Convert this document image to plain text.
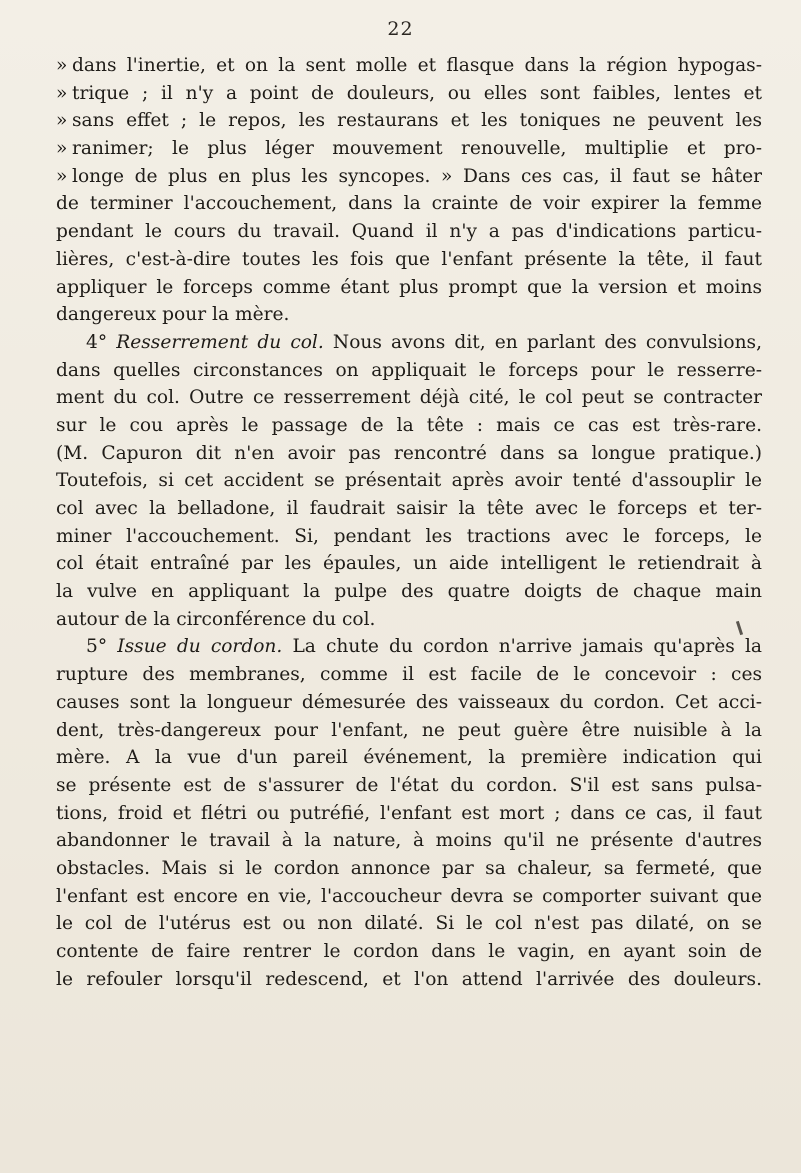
22
» dans l'inertie, et on la sent molle et flasque dans la région hypogas-
» trique ; il n'y a point de douleurs, ou elles sont faibles, lentes et
» sans effet ; le repos, les restaurans et les toniques ne peuvent les
» ranimer; le plus léger mouvement renouvelle, multiplie et pro-
» longe de plus en plus les syncopes. » Dans ces cas, il faut se hâter
de terminer l'accouchement, dans la crainte de voir expirer la femme
pendant le cours du travail. Quand il n'y a pas d'indications particu-
lières, c'est-à-dire toutes les fois que l'enfant présente la tête, il faut
appliquer le forceps comme étant plus prompt que la version et moins
dangereux pour la mère.
4° Resserrement du col. Nous avons dit, en parlant des convulsions,
dans quelles circonstances on appliquait le forceps pour le resserre-
ment du col. Outre ce resserrement déjà cité, le col peut se contracter
sur le cou après le passage de la tête : mais ce cas est très-rare.
(M. Capuron dit n'en avoir pas rencontré dans sa longue pratique.)
Toutefois, si cet accident se présentait après avoir tenté d'assouplir le
col avec la belladone, il faudrait saisir la tête avec le forceps et ter-
miner l'accouchement. Si, pendant les tractions avec le forceps, le
col était entraîné par les épaules, un aide intelligent le retiendrait à
la vulve en appliquant la pulpe des quatre doigts de chaque main
autour de la circonférence du col.
5° Issue du cordon. La chute du cordon n'arrive jamais qu'après la
rupture des membranes, comme il est facile de le concevoir : ces
causes sont la longueur démesurée des vaisseaux du cordon. Cet acci-
dent, très-dangereux pour l'enfant, ne peut guère être nuisible à la
mère. A la vue d'un pareil événement, la première indication qui
se présente est de s'assurer de l'état du cordon. S'il est sans pulsa-
tions, froid et flétri ou putréfié, l'enfant est mort ; dans ce cas, il faut
abandonner le travail à la nature, à moins qu'il ne présente d'autres
obstacles. Mais si le cordon annonce par sa chaleur, sa fermeté, que
l'enfant est encore en vie, l'accoucheur devra se comporter suivant que
le col de l'utérus est ou non dilaté. Si le col n'est pas dilaté, on se
contente de faire rentrer le cordon dans le vagin, en ayant soin de
le refouler lorsqu'il redescend, et l'on attend l'arrivée des douleurs.
